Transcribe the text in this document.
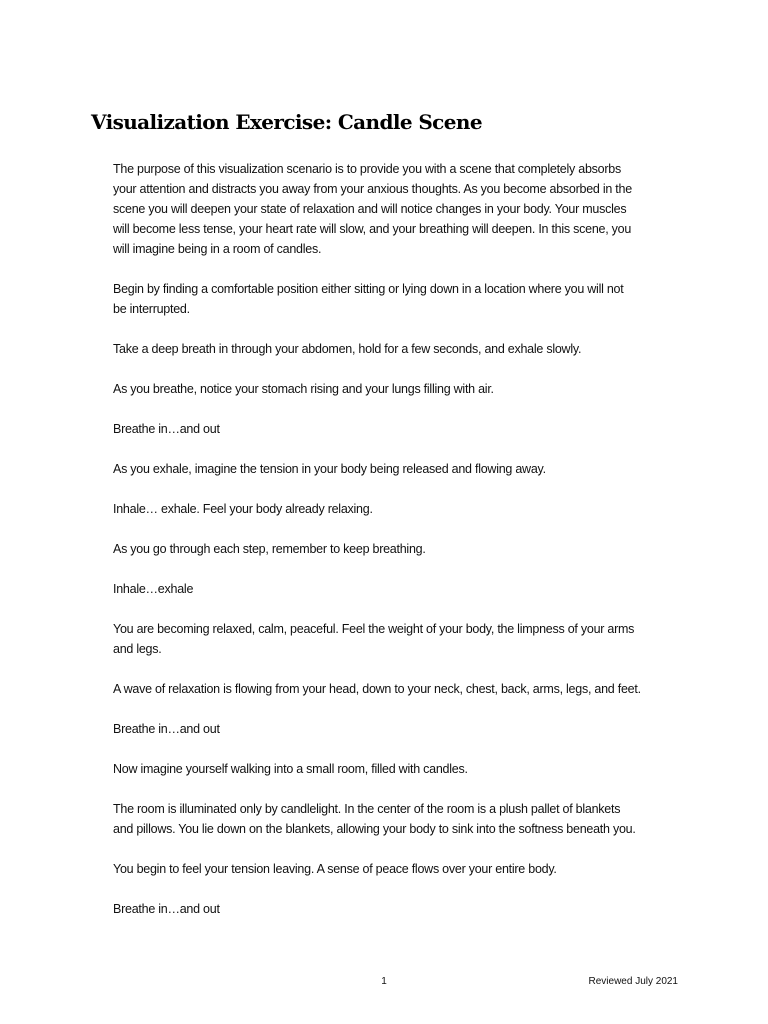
Visualization Exercise: Candle Scene

The purpose of this visualization scenario is to provide you with a scene that completely absorbs
your attention and distracts you away from your anxious thoughts. As you become absorbed in the
scene you will deepen your state of relaxation and will notice changes in your body. Your muscles
will become less tense, your heart rate will slow, and your breathing will deepen. In this scene, you
will imagine being in a room of candles.

Begin by finding a comfortable position either sitting or lying down in a location where you will not
be interrupted.

Take a deep breath in through your abdomen, hold for a few seconds, and exhale slowly.

As you breathe, notice your stomach rising and your lungs filling with air.

Breathe in…and out

As you exhale, imagine the tension in your body being released and flowing away.

Inhale… exhale. Feel your body already relaxing.

As you go through each step, remember to keep breathing.

Inhale…exhale

You are becoming relaxed, calm, peaceful. Feel the weight of your body, the limpness of your arms
and legs.

A wave of relaxation is flowing from your head, down to your neck, chest, back, arms, legs, and feet.

Breathe in…and out

Now imagine yourself walking into a small room, filled with candles.

The room is illuminated only by candlelight. In the center of the room is a plush pallet of blankets
and pillows. You lie down on the blankets, allowing your body to sink into the softness beneath you.

You begin to feel your tension leaving. A sense of peace flows over your entire body.

Breathe in…and out

1	Reviewed July 2021
